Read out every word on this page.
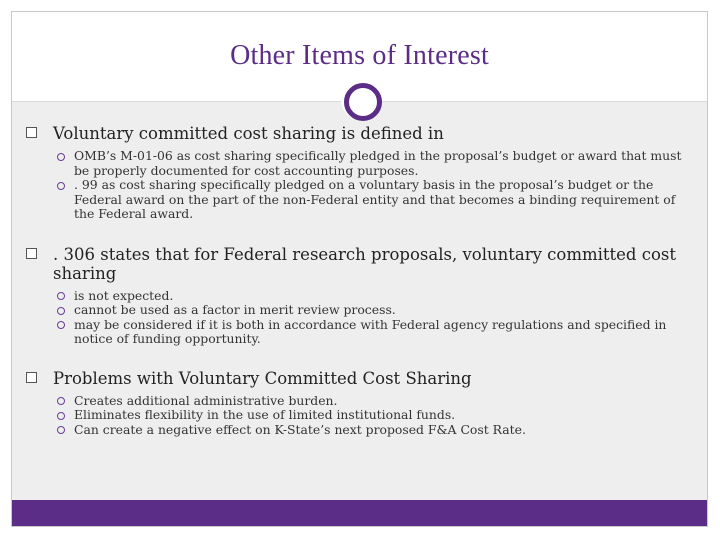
Other Items of Interest

Voluntary committed cost sharing is defined in

OMB’s M-01-06 as cost sharing specifically pledged in the proposal’s budget or award that must be properly documented for cost accounting purposes.

. 99 as cost sharing specifically pledged on a voluntary basis in the proposal’s budget or the Federal award on the part of the non-Federal entity and that becomes a binding requirement of the Federal award.

. 306 states that for Federal research proposals, voluntary committed cost sharing

is not expected.

cannot be used as a factor in merit review process.

may be considered if it is both in accordance with Federal agency regulations and specified in notice of funding opportunity.

Problems with Voluntary Committed Cost Sharing

Creates additional administrative burden.

Eliminates flexibility in the use of limited institutional funds.

Can create a negative effect on K-State’s next proposed F&A Cost Rate.
